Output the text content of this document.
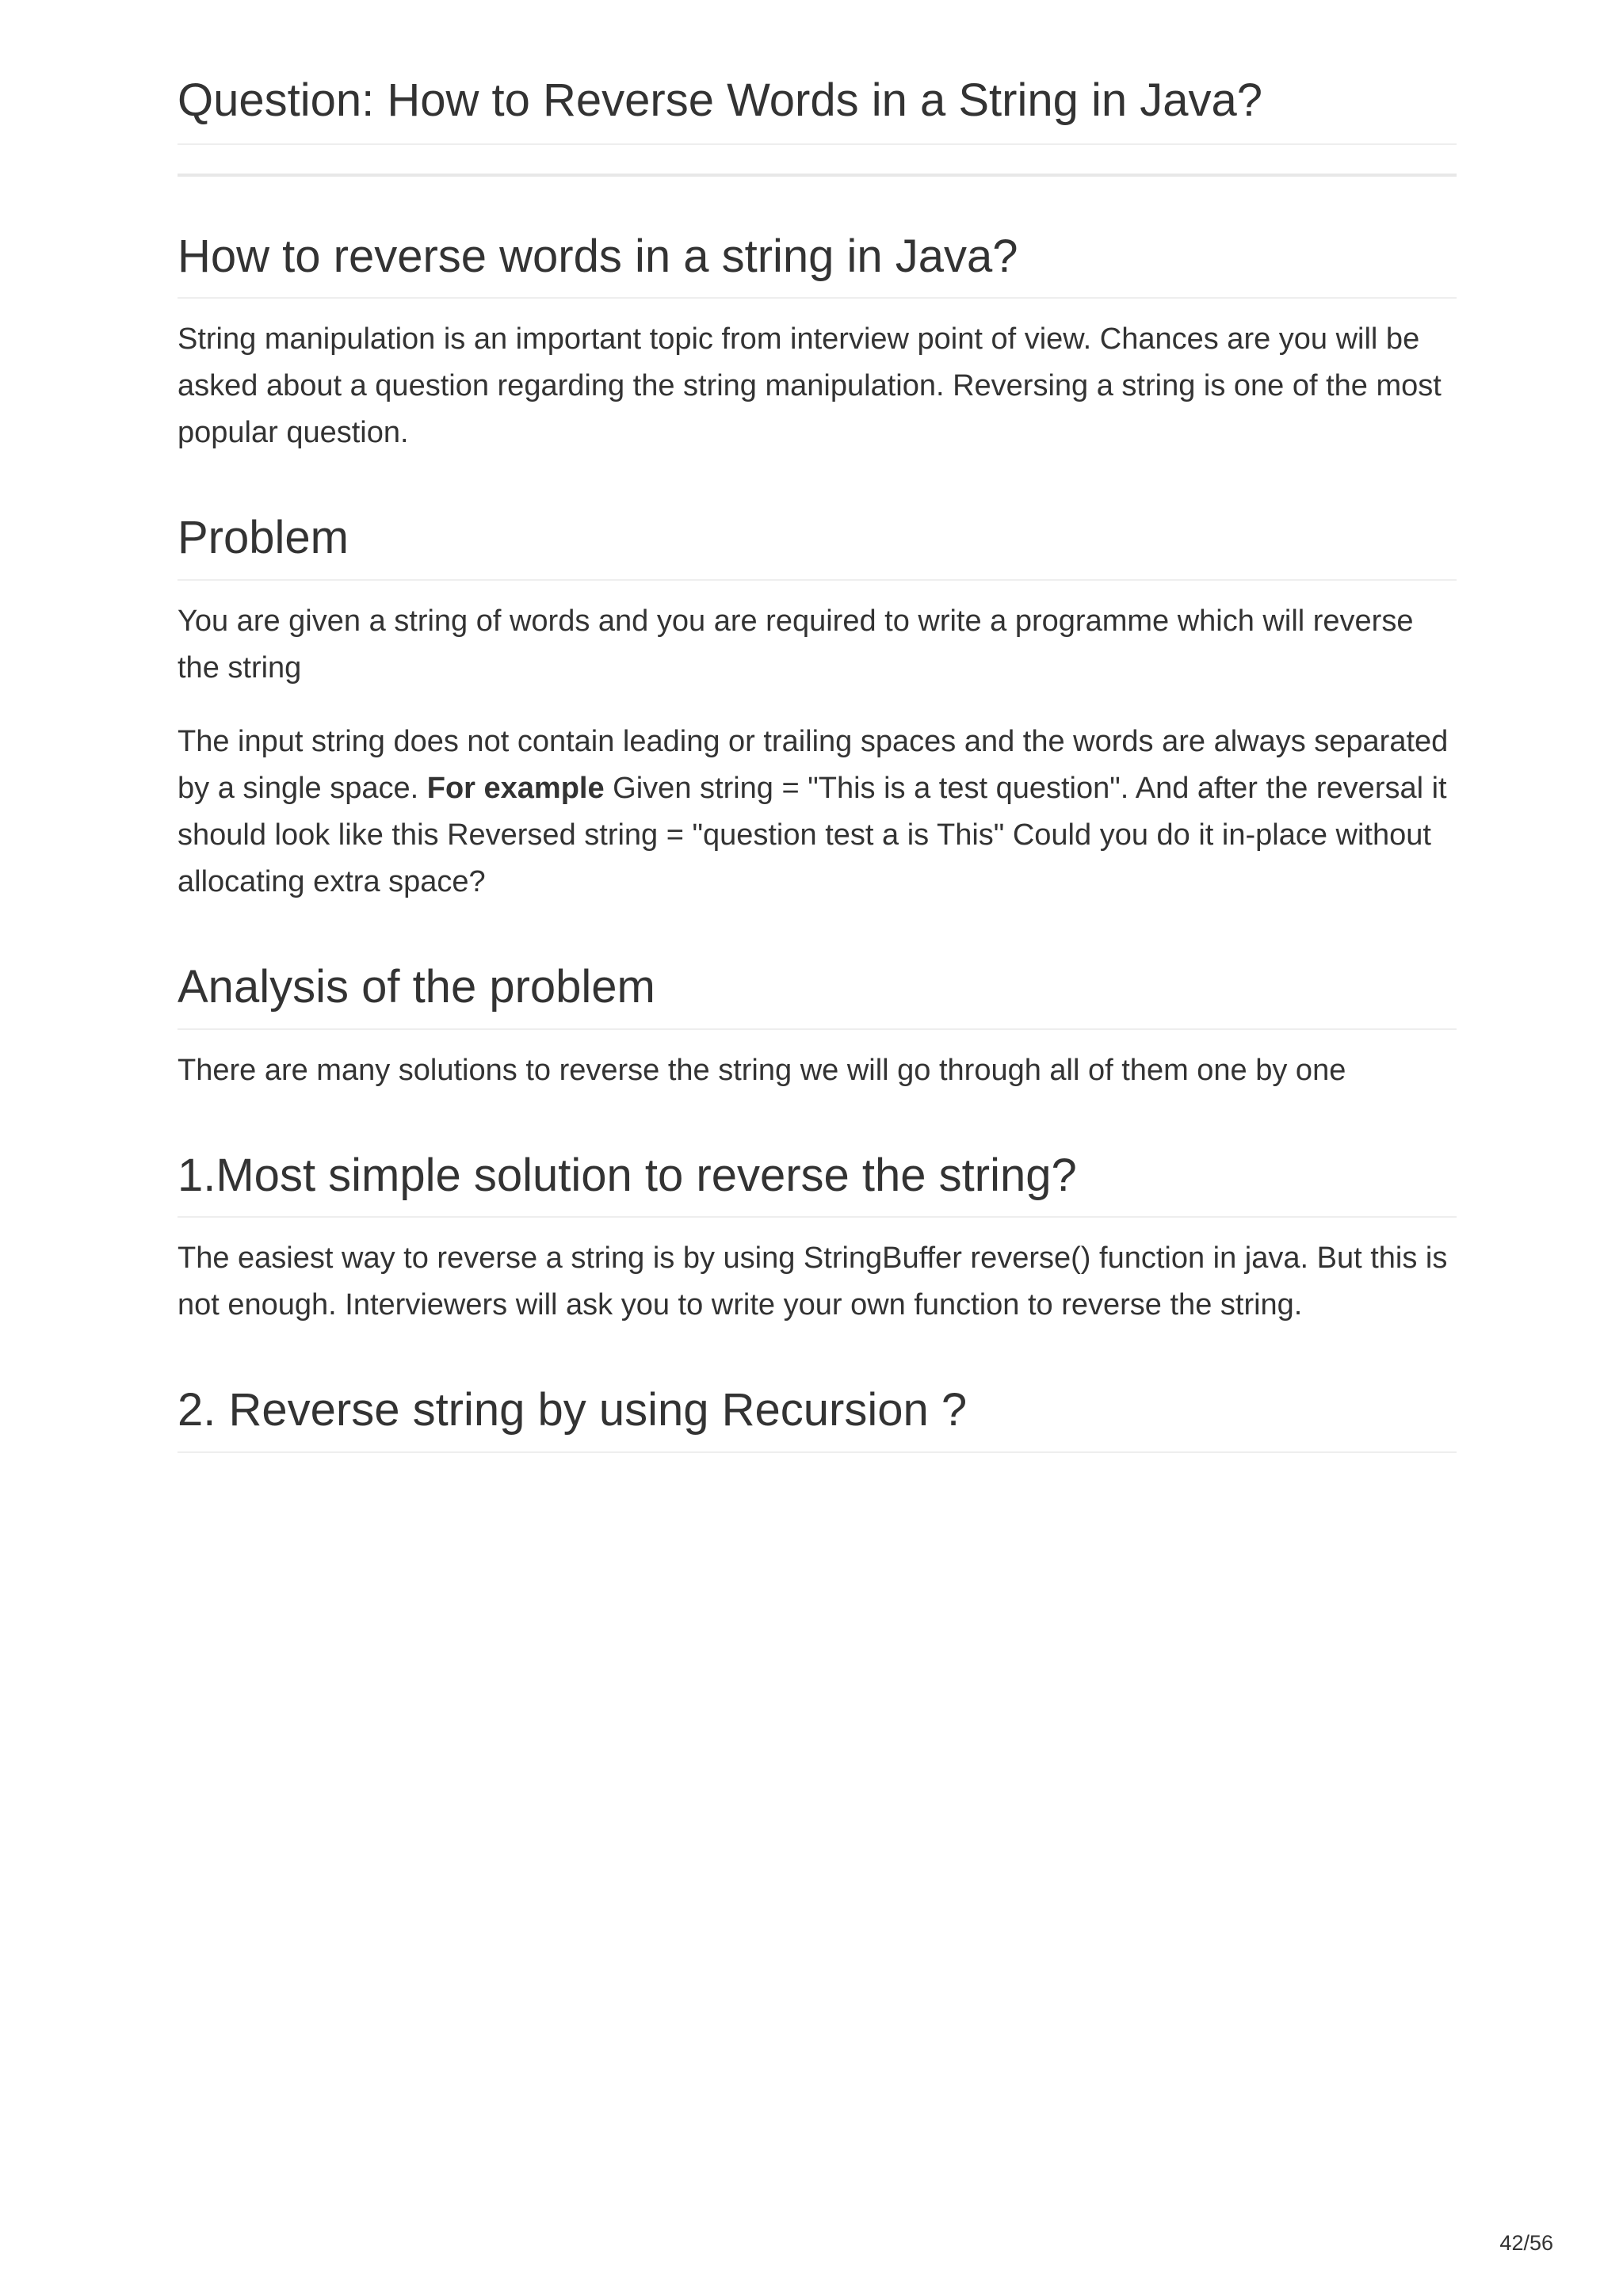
Question: How to Reverse Words in a String in Java?
How to reverse words in a string in Java?

String manipulation is an important topic from interview point of view. Chances are you will be asked about a question regarding the string manipulation. Reversing a string is one of the most popular question.

Problem

You are given a string of words and you are required to write a programme which will reverse the string

The input string does not contain leading or trailing spaces and the words are always separated by a single space. For example Given string = "This is a test question". And after the reversal it should look like this Reversed string = "question test a is This" Could you do it in-place without allocating extra space?

Analysis of the problem

There are many solutions to reverse the string we will go through all of them one by one

1.Most simple solution to reverse the string?

The easiest way to reverse a string is by using StringBuffer reverse() function in java. But this is not enough. Interviewers will ask you to write your own function to reverse the string.

2. Reverse string by using Recursion ?
42/56
